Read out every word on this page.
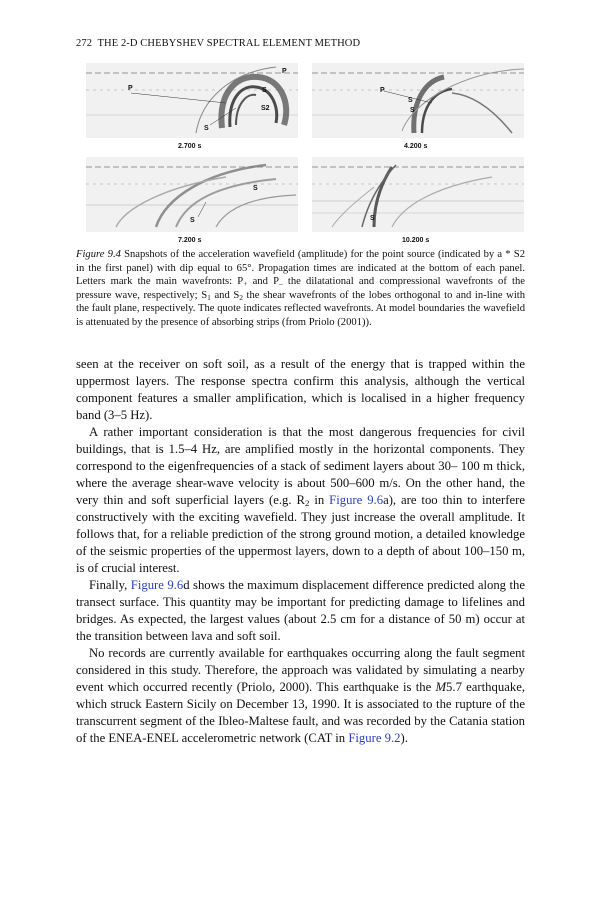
272 THE 2-D CHEBYSHEV SPECTRAL ELEMENT METHOD
P	S
S2
S
P
2.700 s
P
S
S
4.200 s
S
S
7.200 s
S
10.200 s
Figure 9.4 Snapshots of the acceleration wavefield (amplitude) for the point source (indicated by a * S2 in the first panel) with dip equal to 65°. Propagation times are indicated at the bottom of each panel. Letters mark the main wavefronts: $P_+$ and $P_-$ the dilatational and compressional wavefronts of the pressure wave, respectively; $S_1$ and $S_2$ the shear wavefronts of the lobes orthogonal to and in-line with the fault plane, respectively. The quote indicates reflected wavefronts. At model boundaries the wavefield is attenuated by the presence of absorbing strips (from Priolo (2001)).

seen at the receiver on soft soil, as a result of the energy that is trapped within the uppermost layers. The response spectra confirm this analysis, although the vertical component features a smaller amplification, which is localised in a higher frequency band (3–5 Hz).

A rather important consideration is that the most dangerous frequencies for civil buildings, that is 1.5–4 Hz, are amplified mostly in the horizontal components. They correspond to the eigenfrequencies of a stack of sediment layers about 30– 100 m thick, where the average shear-wave velocity is about 500–600 m/s. On the other hand, the very thin and soft superficial layers (e.g. $R_2$ in Figure 9.6a), are too thin to interfere constructively with the exciting wavefield. They just increase the overall amplitude. It follows that, for a reliable prediction of the strong ground motion, a detailed knowledge of the seismic properties of the uppermost layers, down to a depth of about 100–150 m, is of crucial interest.

Finally, Figure 9.6d shows the maximum displacement difference predicted along the transect surface. This quantity may be important for predicting damage to lifelines and bridges. As expected, the largest values (about 2.5 cm for a distance of 50 m) occur at the transition between lava and soft soil.

No records are currently available for earthquakes occurring along the fault segment considered in this study. Therefore, the approach was validated by simulating a nearby event which occurred recently (Priolo, 2000). This earthquake is the M5.7 earthquake, which struck Eastern Sicily on December 13, 1990. It is associated to the rupture of the transcurrent segment of the Ibleo-Maltese fault, and was recorded by the Catania station of the ENEA-ENEL accelerometric network (CAT in Figure 9.2).
